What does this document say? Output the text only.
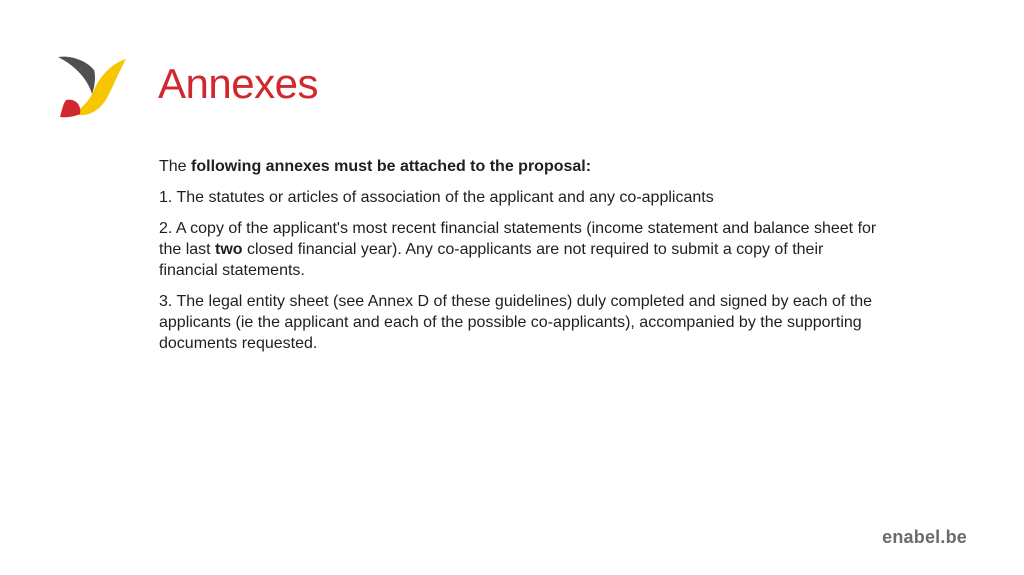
Annexes

The following annexes must be attached to the proposal:

1. The statutes or articles of association of the applicant and any co-applicants

2. A copy of the applicant's most recent financial statements (income statement and balance sheet for the last two closed financial year). Any co-applicants are not required to submit a copy of their financial statements.

3. The legal entity sheet (see Annex D of these guidelines) duly completed and signed by each of the applicants (ie the applicant and each of the possible co-applicants), accompanied by the supporting documents requested.

enabel.be
